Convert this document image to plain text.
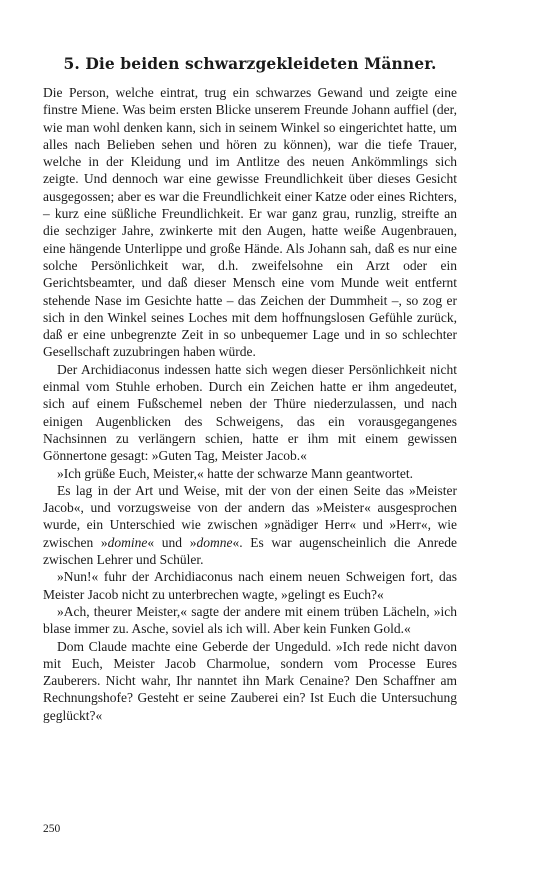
5. Die beiden schwarzgekleideten Männer.

Die Person, welche eintrat, trug ein schwarzes Gewand und zeigte eine finstre Miene. Was beim ersten Blicke unserem Freunde Johann auffiel (der, wie man wohl denken kann, sich in seinem Winkel so eingerichtet hatte, um alles nach Belieben sehen und hören zu können), war die tiefe Trauer, welche in der Kleidung und im Antlitze des neuen Ankömmlings sich zeigte. Und dennoch war eine gewisse Freundlichkeit über dieses Gesicht ausgegossen; aber es war die Freundlichkeit einer Katze oder eines Richters, – kurz eine süßliche Freundlichkeit. Er war ganz grau, runzlig, streifte an die sechziger Jahre, zwinkerte mit den Augen, hatte weiße Augenbrauen, eine hängende Unterlippe und große Hände. Als Johann sah, daß es nur eine solche Persönlichkeit war, d.h. zweifelsohne ein Arzt oder ein Gerichtsbeamter, und daß dieser Mensch eine vom Munde weit entfernt stehende Nase im Gesichte hatte – das Zeichen der Dummheit –, so zog er sich in den Winkel seines Loches mit dem hoffnungslosen Gefühle zurück, daß er eine unbegrenzte Zeit in so unbequemer Lage und in so schlechter Gesellschaft zuzubringen haben würde.

Der Archidiaconus indessen hatte sich wegen dieser Persönlichkeit nicht einmal vom Stuhle erhoben. Durch ein Zeichen hatte er ihm angedeutet, sich auf einem Fußschemel neben der Thüre niederzulassen, und nach einigen Augenblicken des Schweigens, das ein vorausgegangenes Nachsinnen zu verlängern schien, hatte er ihm mit einem gewissen Gönnertone gesagt: »Guten Tag, Meister Jacob.«

»Ich grüße Euch, Meister,« hatte der schwarze Mann geantwortet.

Es lag in der Art und Weise, mit der von der einen Seite das »Meister Jacob«, und vorzugsweise von der andern das »Meister« ausgesprochen wurde, ein Unterschied wie zwischen »gnädiger Herr« und »Herr«, wie zwischen »domine« und »domne«. Es war augenscheinlich die Anrede zwischen Lehrer und Schüler.

»Nun!« fuhr der Archidiaconus nach einem neuen Schweigen fort, das Meister Jacob nicht zu unterbrechen wagte, »gelingt es Euch?«

»Ach, theurer Meister,« sagte der andere mit einem trüben Lächeln, »ich blase immer zu. Asche, soviel als ich will. Aber kein Funken Gold.«

Dom Claude machte eine Geberde der Ungeduld. »Ich rede nicht davon mit Euch, Meister Jacob Charmolue, sondern vom Processe Eures Zauberers. Nicht wahr, Ihr nanntet ihn Mark Cenaine? Den Schaffner am Rechnungshofe? Gesteht er seine Zauberei ein? Ist Euch die Untersuchung geglückt?«

250
